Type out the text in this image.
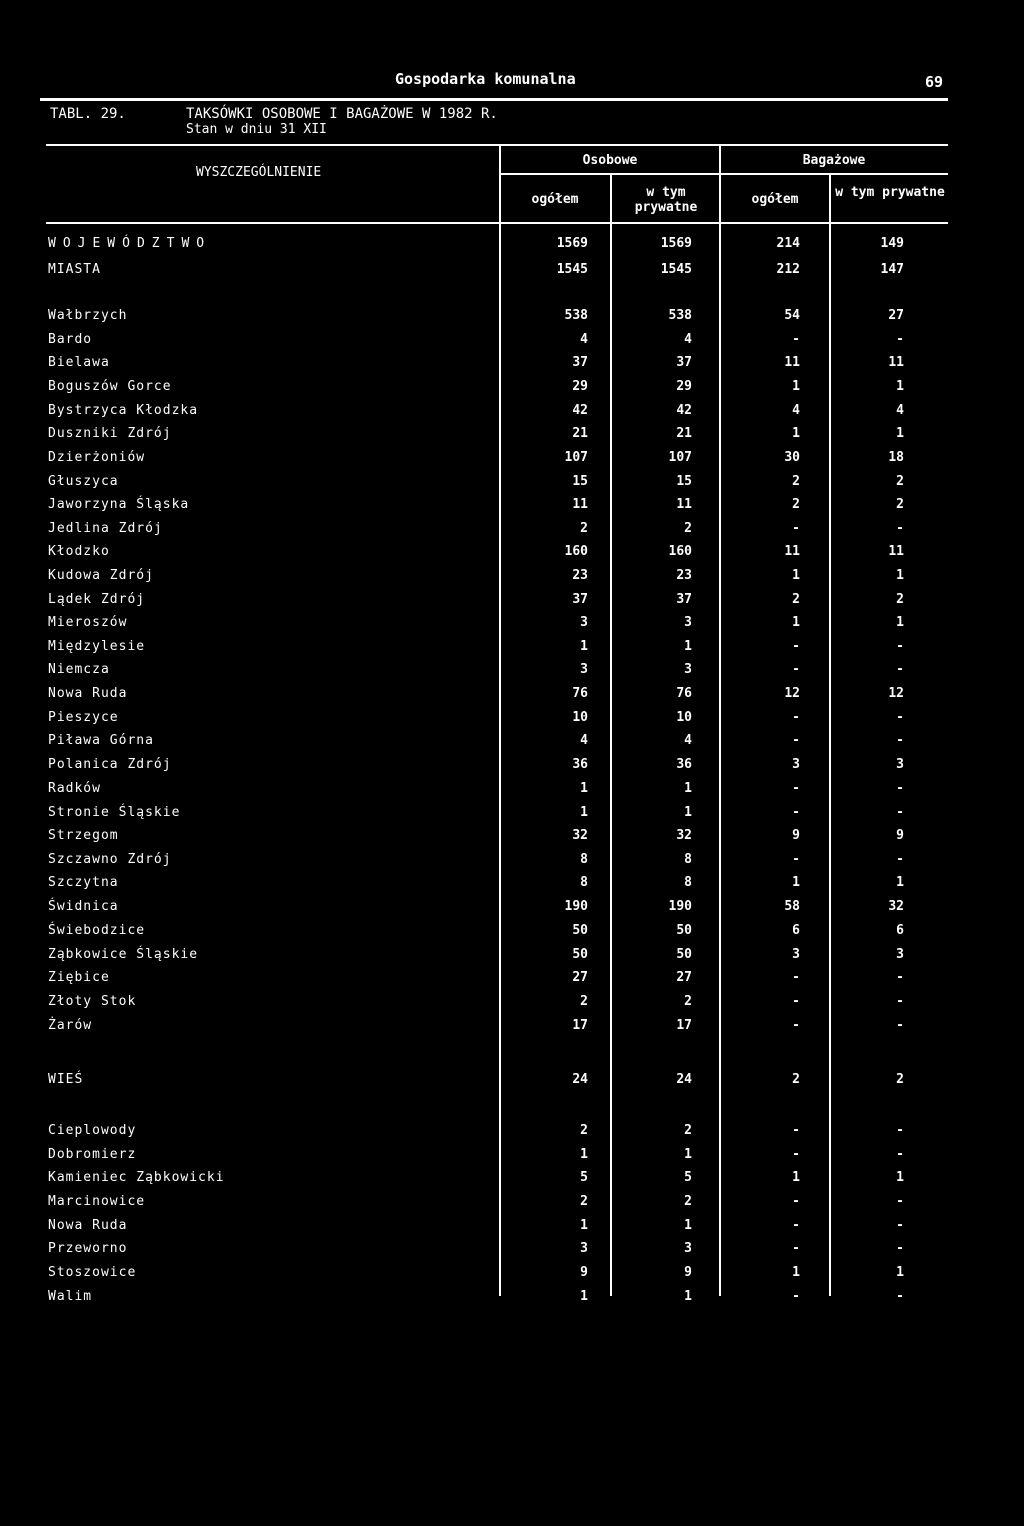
Gospodarka komunalna	69
TABL. 29.	TAKSÓWKI OSOBOWE I BAGAŻOWE W 1982 R.
Stan w dniu 31 XII
WYSZCZEGÓLNIENIE
Osobowe	Bagażowe
ogółem	w tym prywatne
ogółem	w tym prywatne
WOJEWÓDZTWO	1569	1569	214	149
MIASTA	1545	1545	212	147
Wałbrzych	538	538	54	27
Bardo	4	4	-	-
Bielawa	37	37	11	11
Boguszów Gorce	29	29	1	1
Bystrzyca Kłodzka	42	42	4	4
Duszniki Zdrój	21	21	1	1
Dzierżoniów	107	107	30	18
Głuszyca	15	15	2	2
Jaworzyna Śląska	11	11	2	2
Jedlina Zdrój	2	2	-	-
Kłodzko	160	160	11	11
Kudowa Zdrój	23	23	1	1
Lądek Zdrój	37	37	2	2
Mieroszów	3	3	1	1
Międzylesie	1	1	-	-
Niemcza	3	3	-	-
Nowa Ruda	76	76	12	12
Pieszyce	10	10	-	-
Piława Górna	4	4	-	-
Polanica Zdrój	36	36	3	3
Radków	1	1	-	-
Stronie Śląskie	1	1	-	-
Strzegom	32	32	9	9
Szczawno Zdrój	8	8	-	-
Szczytna	8	8	1	1
Świdnica	190	190	58	32
Świebodzice	50	50	6	6
Ząbkowice Śląskie	50	50	3	3
Ziębice	27	27	-	-
Złoty Stok	2	2	-	-
Żarów	17	17	-	-
WIEŚ	24	24	2	2
Cieplowody	2	2	-	-
Dobromierz	1	1	-	-
Kamieniec Ząbkowicki	5	5	1	1
Marcinowice	2	2	-	-
Nowa Ruda	1	1	-	-
Przeworno	3	3	-	-
Stoszowice	9	9	1	1
Walim	1	1	-	-
